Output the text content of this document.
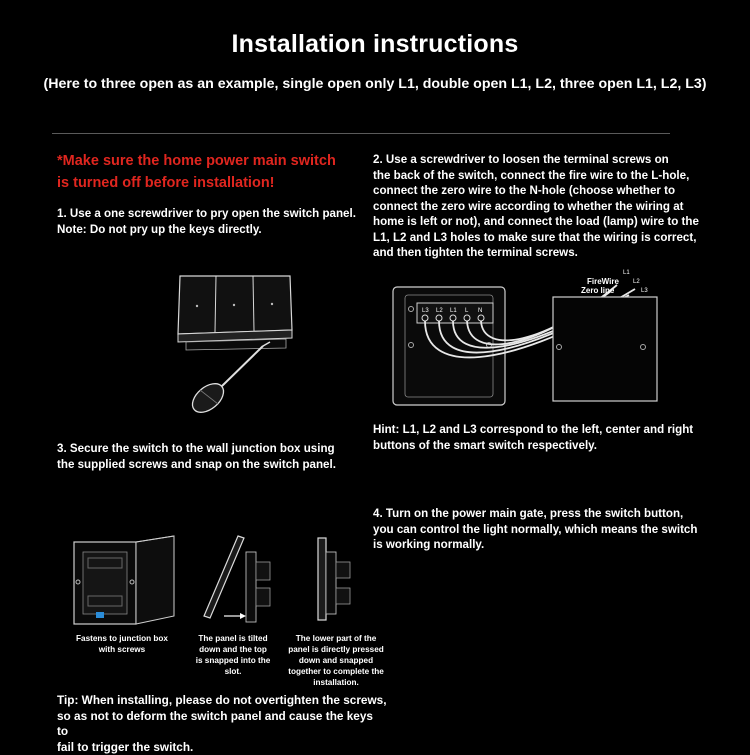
Installation instructions
(Here to three open as an example, single open only L1, double open L1, L2, three open L1, L2, L3)
*Make sure the home power main switch
is turned off before installation!
1. Use a one screwdriver to pry open the switch panel.
Note: Do not pry up the keys directly.
2. Use a screwdriver to loosen the terminal screws on
the back of the switch, connect the fire wire to the L-hole,
connect the zero wire to the N-hole (choose whether to
connect the zero wire according to whether the wiring at
home is left or not), and connect the load (lamp) wire to the
L1, L2 and L3 holes to make sure that the wiring is correct,
and then tighten the terminal screws.
L3 L2 L1 L N
FireWire
Zero line
L1
L2
L3
Hint: L1, L2 and L3 correspond to the left, center and right
buttons of the smart switch respectively.
3. Secure the switch to the wall junction box using
the supplied screws and snap on the switch panel.
4. Turn on the power main gate, press the switch button,
you can control the light normally, which means the switch
is working normally.
Fastens to junction box
with screws
The panel is tilted
down and the top
is snapped into the
slot.
The lower part of the
panel is directly pressed
down and snapped
together to complete the
installation.
Tip: When installing, please do not overtighten the screws,
so as not to deform the switch panel and cause the keys to
fail to trigger the switch.
